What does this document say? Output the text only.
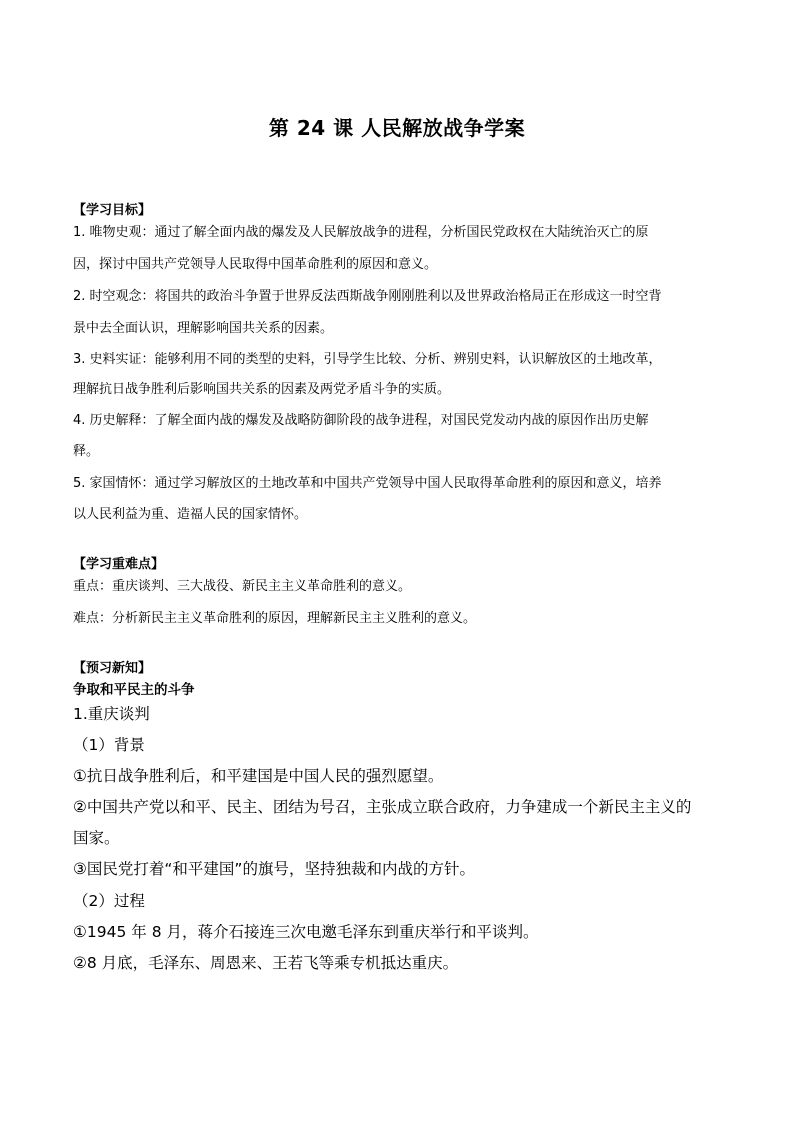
第 24 课 人民解放战争学案
【学习目标】
1. 唯物史观：通过了解全面内战的爆发及人民解放战争的进程，分析国民党政权在大陆统治灭亡的原
因，探讨中国共产党领导人民取得中国革命胜利的原因和意义。
2. 时空观念：将国共的政治斗争置于世界反法西斯战争刚刚胜利以及世界政治格局正在形成这一时空背
景中去全面认识，理解影响国共关系的因素。
3. 史料实证：能够利用不同的类型的史料，引导学生比较、分析、辨别史料，认识解放区的土地改革，
理解抗日战争胜利后影响国共关系的因素及两党矛盾斗争的实质。
4. 历史解释：了解全面内战的爆发及战略防御阶段的战争进程，对国民党发动内战的原因作出历史解
释。
5. 家国情怀：通过学习解放区的土地改革和中国共产党领导中国人民取得革命胜利的原因和意义，培养
以人民利益为重、造福人民的国家情怀。
【学习重难点】
重点：重庆谈判、三大战役、新民主主义革命胜利的意义。
难点：分析新民主主义革命胜利的原因，理解新民主主义胜利的意义。
【预习新知】
争取和平民主的斗争
1.重庆谈判
（1）背景
①抗日战争胜利后，和平建国是中国人民的强烈愿望。
②中国共产党以和平、民主、团结为号召，主张成立联合政府，力争建成一个新民主主义的
国家。
③国民党打着“和平建国”的旗号，坚持独裁和内战的方针。
（2）过程
①1945 年 8 月，蒋介石接连三次电邀毛泽东到重庆举行和平谈判。
②8 月底，毛泽东、周恩来、王若飞等乘专机抵达重庆。
